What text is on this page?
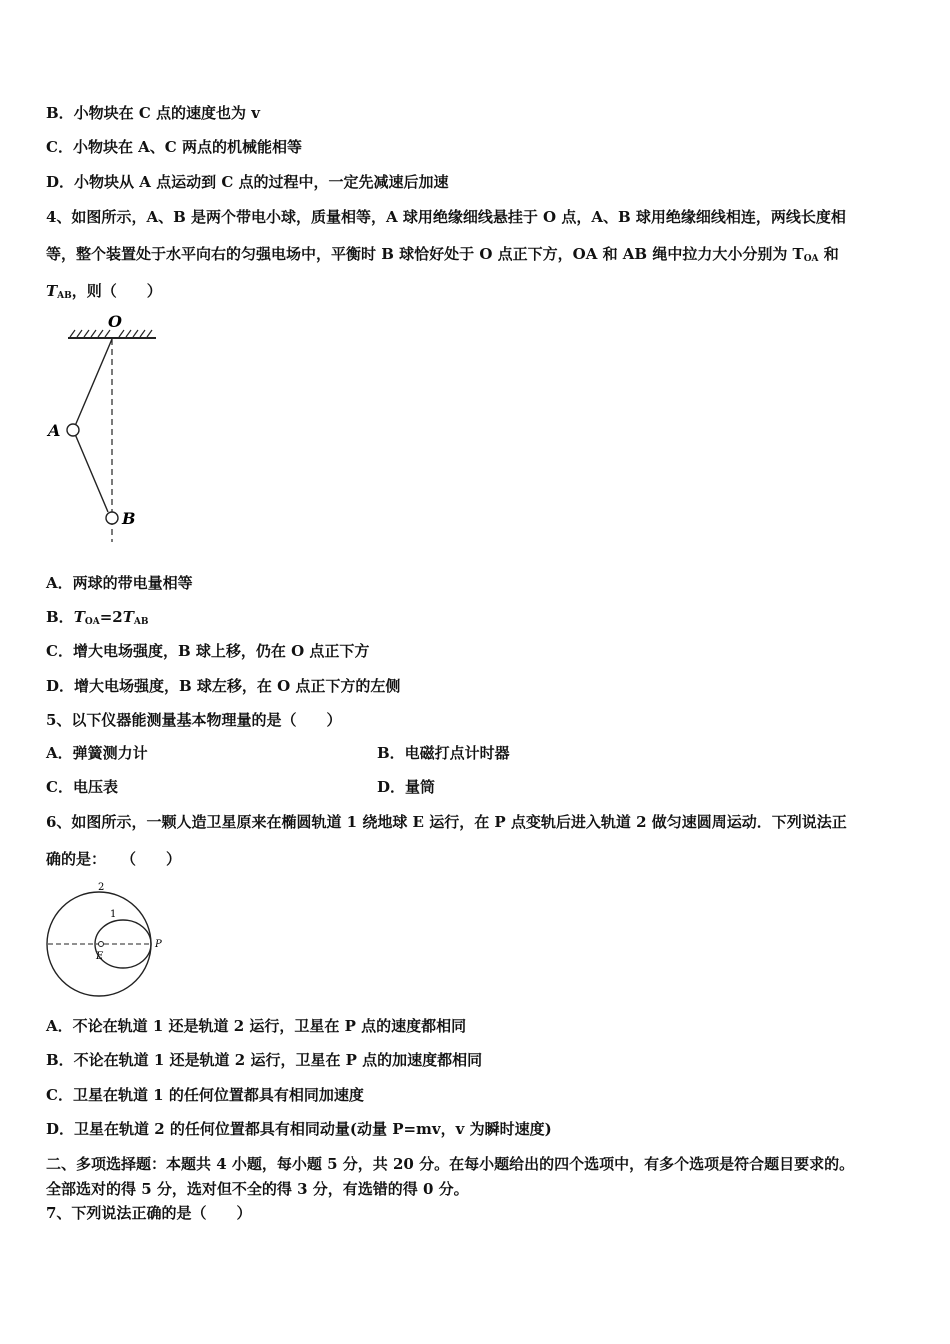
B．小物块在 C 点的速度也为 v
C．小物块在 A、C 两点的机械能相等
D．小物块从 A 点运动到 C 点的过程中，一定先减速后加速
4、如图所示，A、B 是两个带电小球，质量相等，A 球用绝缘细线悬挂于 O 点，A、B 球用绝缘细线相连，两线长度相
等，整个装置处于水平向右的匀强电场中，平衡时 B 球恰好处于 O 点正下方，OA 和 AB 绳中拉力大小分别为 $T_{OA}$ 和
$T_{AB}$，则（　　）
O
A
B
A．两球的带电量相等
B．$T_{OA}=2T_{AB}$
C．增大电场强度，B 球上移，仍在 O 点正下方
D．增大电场强度，B 球左移，在 O 点正下方的左侧
5、以下仪器能测量基本物理量的是（　　）
A．弹簧测力计	B．电磁打点计时器
C．电压表	D．量筒
6、如图所示，一颗人造卫星原来在椭圆轨道 1 绕地球 E 运行，在 P 点变轨后进入轨道 2 做匀速圆周运动．下列说法正
确的是：　　（　　）
2
1
E
P
A．不论在轨道 1 还是轨道 2 运行，卫星在 P 点的速度都相同
B．不论在轨道 1 还是轨道 2 运行，卫星在 P 点的加速度都相同
C．卫星在轨道 1 的任何位置都具有相同加速度
D．卫星在轨道 2 的任何位置都具有相同动量(动量 P=mv，v 为瞬时速度)
二、多项选择题：本题共 4 小题，每小题 5 分，共 20 分。在每小题给出的四个选项中，有多个选项是符合题目要求的。
全部选对的得 5 分，选对但不全的得 3 分，有选错的得 0 分。
7、下列说法正确的是（　　）
